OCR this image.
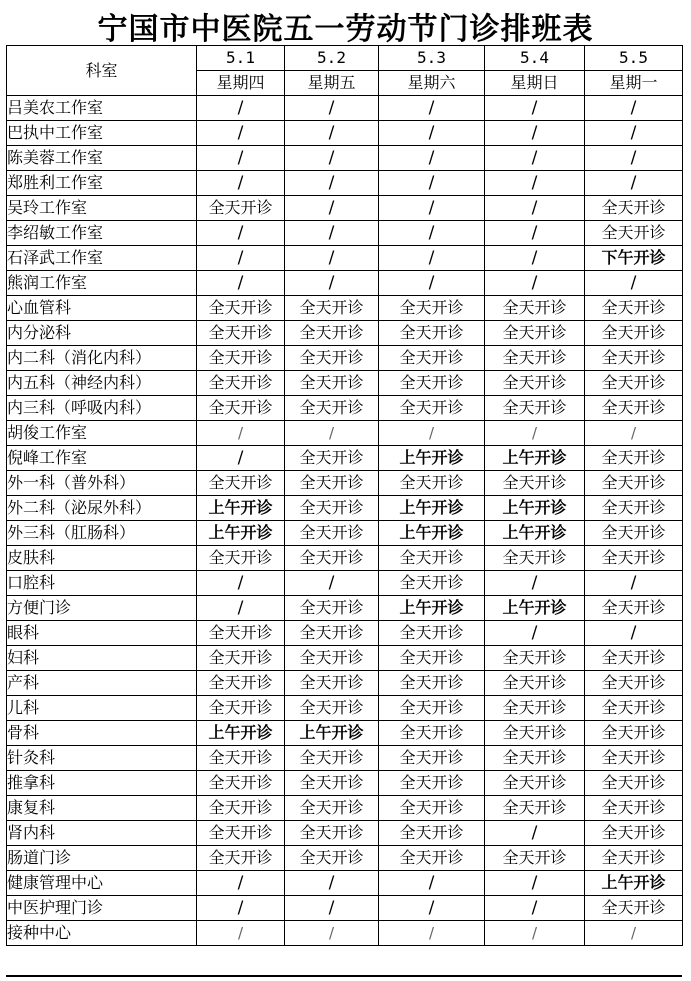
宁国市中医院五一劳动节门诊排班表
科室	5.1	5.2	5.3	5.4	5.5
	星期四	星期五	星期六	星期日	星期一
吕美农工作室	/	/	/	/	/
巴执中工作室	/	/	/	/	/
陈美蓉工作室	/	/	/	/	/
郑胜利工作室	/	/	/	/	/
吴玲工作室	全天开诊	/	/	/	全天开诊
李绍敏工作室	/	/	/	/	全天开诊
石泽武工作室	/	/	/	/	下午开诊
熊润工作室	/	/	/	/	/
心血管科	全天开诊	全天开诊	全天开诊	全天开诊	全天开诊
内分泌科	全天开诊	全天开诊	全天开诊	全天开诊	全天开诊
内二科（消化内科）	全天开诊	全天开诊	全天开诊	全天开诊	全天开诊
内五科（神经内科）	全天开诊	全天开诊	全天开诊	全天开诊	全天开诊
内三科（呼吸内科）	全天开诊	全天开诊	全天开诊	全天开诊	全天开诊
胡俊工作室	/	/	/	/	/
倪峰工作室	/	全天开诊	上午开诊	上午开诊	全天开诊
外一科（普外科）	全天开诊	全天开诊	全天开诊	全天开诊	全天开诊
外二科（泌尿外科）	上午开诊	全天开诊	上午开诊	上午开诊	全天开诊
外三科（肛肠科）	上午开诊	全天开诊	上午开诊	上午开诊	全天开诊
皮肤科	全天开诊	全天开诊	全天开诊	全天开诊	全天开诊
口腔科	/	/	全天开诊	/	/
方便门诊	/	全天开诊	上午开诊	上午开诊	全天开诊
眼科	全天开诊	全天开诊	全天开诊	/	/
妇科	全天开诊	全天开诊	全天开诊	全天开诊	全天开诊
产科	全天开诊	全天开诊	全天开诊	全天开诊	全天开诊
儿科	全天开诊	全天开诊	全天开诊	全天开诊	全天开诊
骨科	上午开诊	上午开诊	全天开诊	全天开诊	全天开诊
针灸科	全天开诊	全天开诊	全天开诊	全天开诊	全天开诊
推拿科	全天开诊	全天开诊	全天开诊	全天开诊	全天开诊
康复科	全天开诊	全天开诊	全天开诊	全天开诊	全天开诊
肾内科	全天开诊	全天开诊	全天开诊	/	全天开诊
肠道门诊	全天开诊	全天开诊	全天开诊	全天开诊	全天开诊
健康管理中心	/	/	/	/	上午开诊
中医护理门诊	/	/	/	/	全天开诊
接种中心	/	/	/	/	/
